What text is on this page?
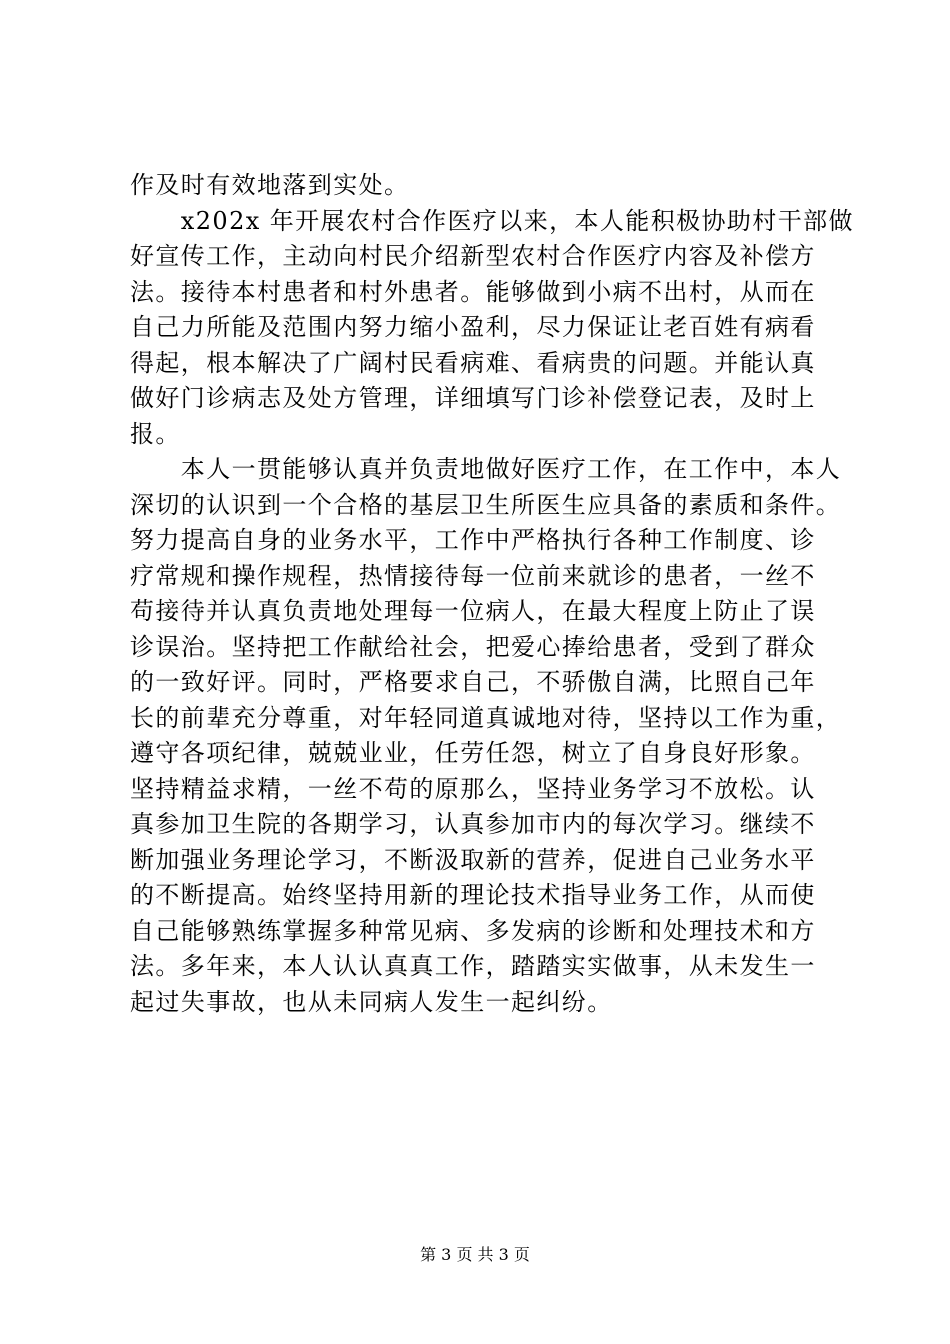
作及时有效地落到实处。
　　x202x 年开展农村合作医疗以来，本人能积极协助村干部做
好宣传工作，主动向村民介绍新型农村合作医疗内容及补偿方
法。接待本村患者和村外患者。能够做到小病不出村，从而在
自己力所能及范围内努力缩小盈利，尽力保证让老百姓有病看
得起，根本解决了广阔村民看病难、看病贵的问题。并能认真
做好门诊病志及处方管理，详细填写门诊补偿登记表，及时上
报。
　　本人一贯能够认真并负责地做好医疗工作，在工作中，本人
深切的认识到一个合格的基层卫生所医生应具备的素质和条件。
努力提高自身的业务水平，工作中严格执行各种工作制度、诊
疗常规和操作规程，热情接待每一位前来就诊的患者，一丝不
苟接待并认真负责地处理每一位病人，在最大程度上防止了误
诊误治。坚持把工作献给社会，把爱心捧给患者，受到了群众
的一致好评。同时，严格要求自己，不骄傲自满，比照自己年
长的前辈充分尊重，对年轻同道真诚地对待，坚持以工作为重，
遵守各项纪律，兢兢业业，任劳任怨，树立了自身良好形象。
坚持精益求精，一丝不苟的原那么，坚持业务学习不放松。认
真参加卫生院的各期学习，认真参加市内的每次学习。继续不
断加强业务理论学习，不断汲取新的营养，促进自己业务水平
的不断提高。始终坚持用新的理论技术指导业务工作，从而使
自己能够熟练掌握多种常见病、多发病的诊断和处理技术和方
法。多年来，本人认认真真工作，踏踏实实做事，从未发生一
起过失事故，也从未同病人发生一起纠纷。
第 3 页 共 3 页
